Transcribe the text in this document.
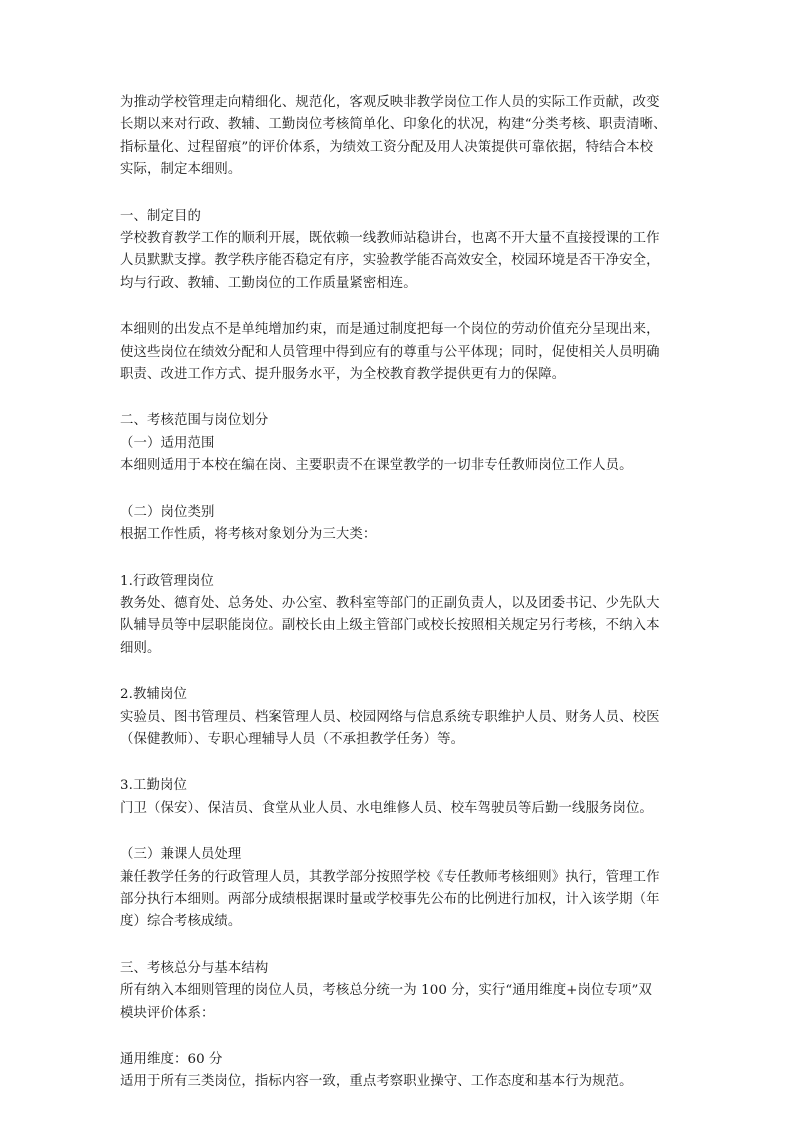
为推动学校管理走向精细化、规范化，客观反映非教学岗位工作人员的实际工作贡献，改变
长期以来对行政、教辅、工勤岗位考核简单化、印象化的状况，构建“分类考核、职责清晰、
指标量化、过程留痕”的评价体系，为绩效工资分配及用人决策提供可靠依据，特结合本校
实际，制定本细则。
一、制定目的
学校教育教学工作的顺利开展，既依赖一线教师站稳讲台，也离不开大量不直接授课的工作
人员默默支撑。教学秩序能否稳定有序，实验教学能否高效安全，校园环境是否干净安全，
均与行政、教辅、工勤岗位的工作质量紧密相连。
本细则的出发点不是单纯增加约束，而是通过制度把每一个岗位的劳动价值充分呈现出来，
使这些岗位在绩效分配和人员管理中得到应有的尊重与公平体现；同时，促使相关人员明确
职责、改进工作方式、提升服务水平，为全校教育教学提供更有力的保障。
二、考核范围与岗位划分
（一）适用范围
本细则适用于本校在编在岗、主要职责不在课堂教学的一切非专任教师岗位工作人员。
（二）岗位类别
根据工作性质，将考核对象划分为三大类：
1.行政管理岗位
教务处、德育处、总务处、办公室、教科室等部门的正副负责人，以及团委书记、少先队大
队辅导员等中层职能岗位。副校长由上级主管部门或校长按照相关规定另行考核，不纳入本
细则。
2.教辅岗位
实验员、图书管理员、档案管理人员、校园网络与信息系统专职维护人员、财务人员、校医
（保健教师）、专职心理辅导人员（不承担教学任务）等。
3.工勤岗位
门卫（保安）、保洁员、食堂从业人员、水电维修人员、校车驾驶员等后勤一线服务岗位。
（三）兼课人员处理
兼任教学任务的行政管理人员，其教学部分按照学校《专任教师考核细则》执行，管理工作
部分执行本细则。两部分成绩根据课时量或学校事先公布的比例进行加权，计入该学期（年
度）综合考核成绩。
三、考核总分与基本结构
所有纳入本细则管理的岗位人员，考核总分统一为 100 分，实行“通用维度+岗位专项”双
模块评价体系：
通用维度：60 分
适用于所有三类岗位，指标内容一致，重点考察职业操守、工作态度和基本行为规范。
